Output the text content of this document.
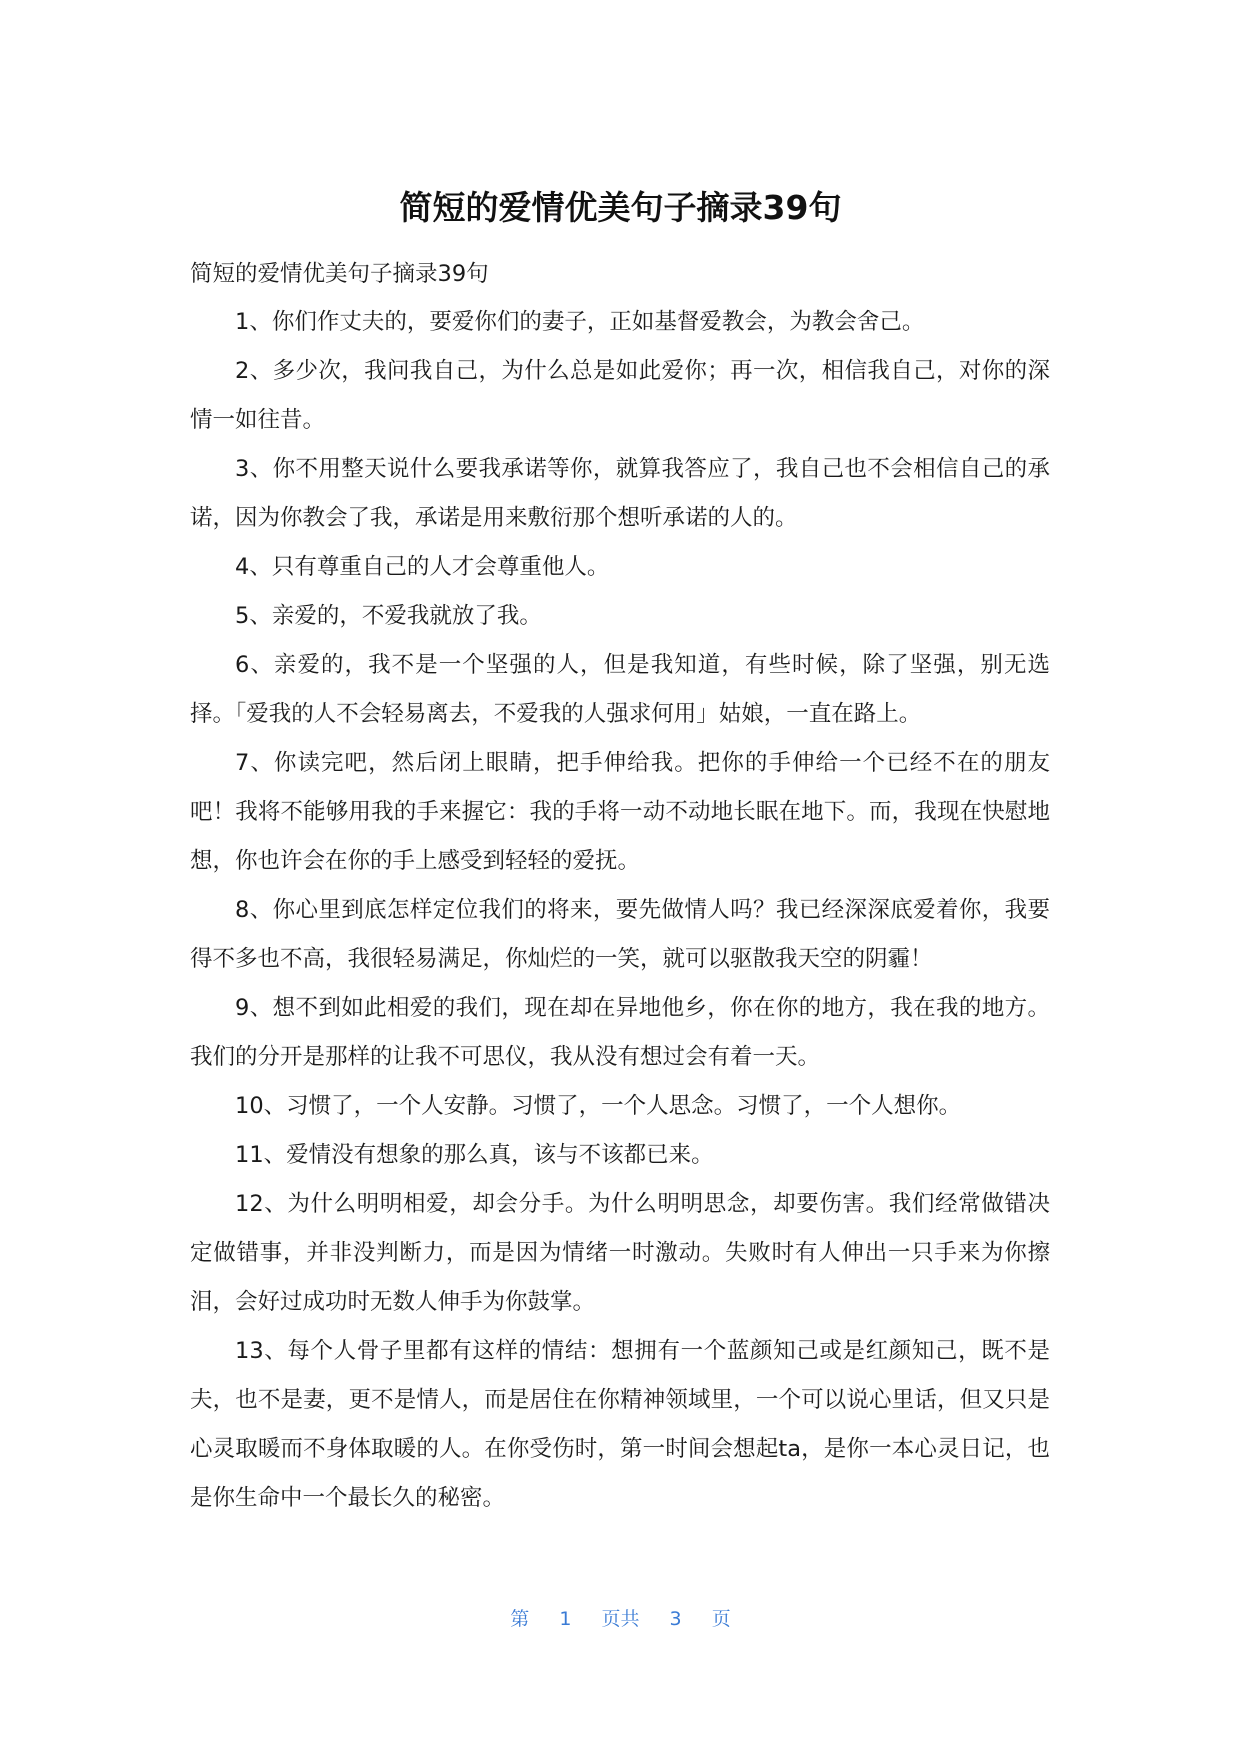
简短的爱情优美句子摘录39句

简短的爱情优美句子摘录39句

1、你们作丈夫的，要爱你们的妻子，正如基督爱教会，为教会舍己。

2、多少次，我问我自己，为什么总是如此爱你；再一次，相信我自己，对你的深情一如往昔。

3、你不用整天说什么要我承诺等你，就算我答应了，我自己也不会相信自己的承诺，因为你教会了我，承诺是用来敷衍那个想听承诺的人的。

4、只有尊重自己的人才会尊重他人。

5、亲爱的，不爱我就放了我。

6、亲爱的，我不是一个坚强的人，但是我知道，有些时候，除了坚强，别无选择。「爱我的人不会轻易离去，不爱我的人强求何用」姑娘，一直在路上。

7、你读完吧，然后闭上眼睛，把手伸给我。把你的手伸给一个已经不在的朋友吧！我将不能够用我的手来握它：我的手将一动不动地长眠在地下。而，我现在快慰地想，你也许会在你的手上感受到轻轻的爱抚。

8、你心里到底怎样定位我们的将来，要先做情人吗？我已经深深底爱着你，我要得不多也不高，我很轻易满足，你灿烂的一笑，就可以驱散我天空的阴霾！

9、想不到如此相爱的我们，现在却在异地他乡，你在你的地方，我在我的地方。我们的分开是那样的让我不可思仪，我从没有想过会有着一天。

10、习惯了，一个人安静。习惯了，一个人思念。习惯了，一个人想你。

11、爱情没有想象的那么真，该与不该都已来。

12、为什么明明相爱，却会分手。为什么明明思念，却要伤害。我们经常做错决定做错事，并非没判断力，而是因为情绪一时激动。失败时有人伸出一只手来为你擦泪，会好过成功时无数人伸手为你鼓掌。

13、每个人骨子里都有这样的情结：想拥有一个蓝颜知己或是红颜知己，既不是夫，也不是妻，更不是情人，而是居住在你精神领域里，一个可以说心里话，但又只是心灵取暖而不身体取暖的人。在你受伤时，第一时间会想起ta，是你一本心灵日记，也是你生命中一个最长久的秘密。

第 1 页共 3 页
